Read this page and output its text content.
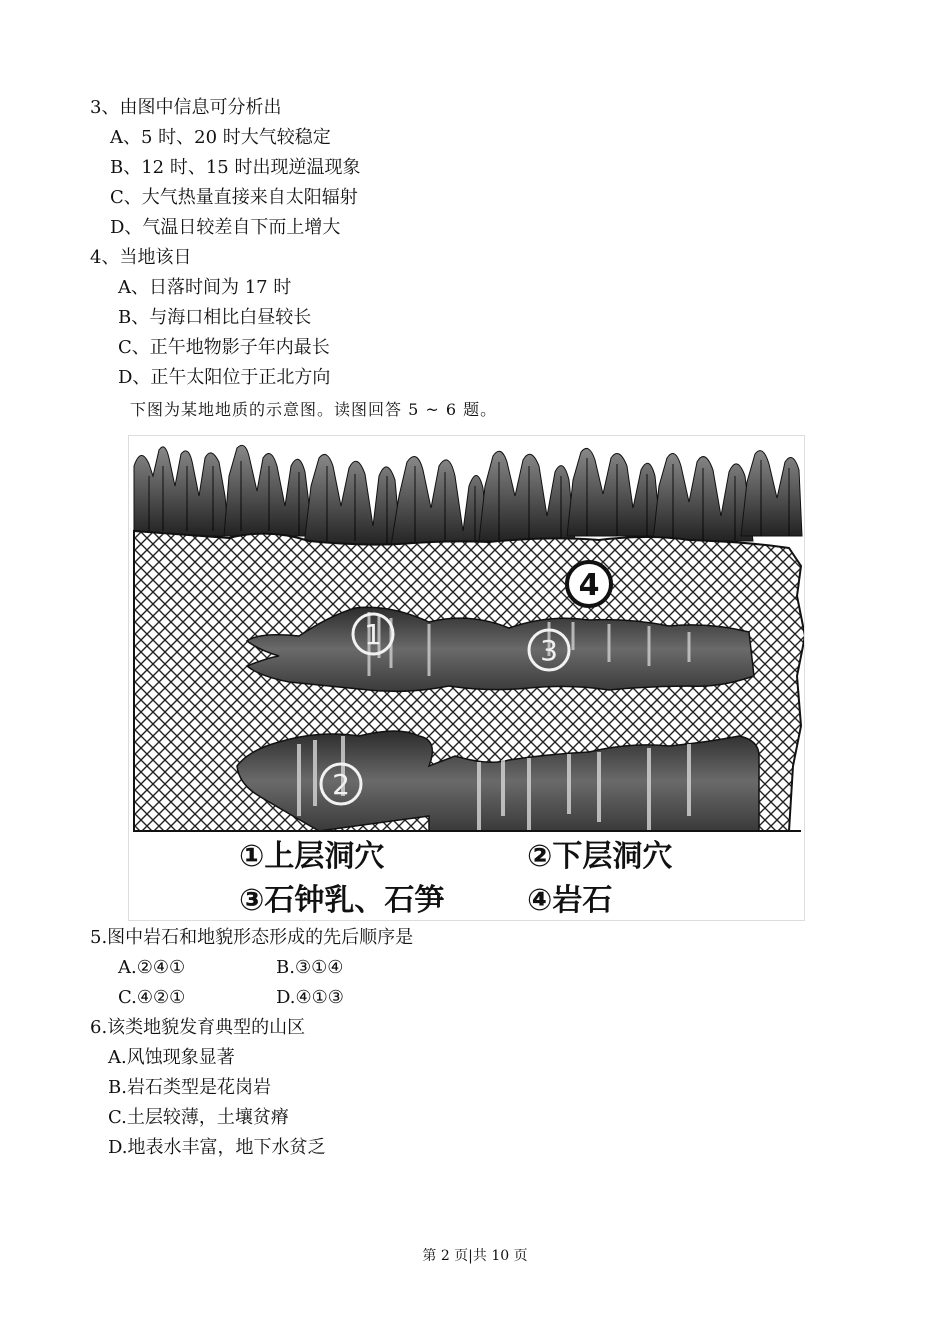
3、由图中信息可分析出
A、5 时、20 时大气较稳定
B、12 时、15 时出现逆温现象
C、大气热量直接来自太阳辐射
D、气温日较差自下而上增大
4、当地该日
A、日落时间为 17 时
B、与海口相比白昼较长
C、正午地物影子年内最长
D、正午太阳位于正北方向
下图为某地地质的示意图。读图回答 5 ~ 6 题。
1
2
3
4
①上层洞穴	②下层洞穴
③石钟乳、石笋	④岩石
5.图中岩石和地貌形态形成的先后顺序是
A.②④①	B.③①④
C.④②①	D.④①③
6.该类地貌发育典型的山区
A.风蚀现象显著
B.岩石类型是花岗岩
C.土层较薄，土壤贫瘠
D.地表水丰富，地下水贫乏
第 2 页|共 10 页
